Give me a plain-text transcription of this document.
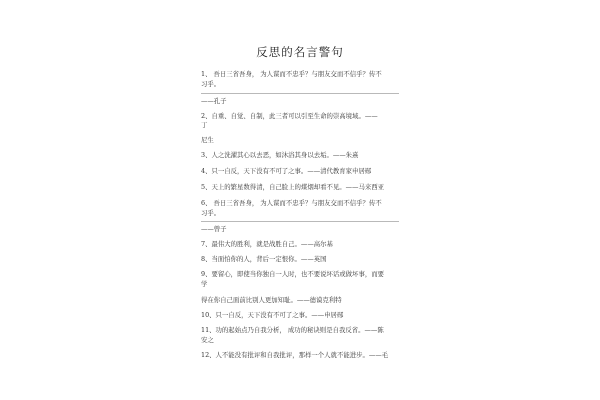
反思的名言警句
1、 吾日三省吾身， 为人谋而不忠乎？与朋友交而不信乎？传不
习乎。
——孔子
2、自重、自觉、自制，此三者可以引至生命的崇高境域。——
丁
尼生
3、人之洗濯其心以去恶，如沐浴其身以去垢。——朱熹
4、只一自反，天下没有不可了之事。——清代教育家申居郧
5、天上的繁星数得清，自己脸上的煤烟却看不见。——马来西亚
6、 吾日三省吾身， 为人谋而不忠乎？与朋友交而不信乎？传不
习乎。
——曾子
7、最伟大的胜利，就是战胜自己。——高尔基
8、当面怕你的人，背后一定恨你。——英国
9、要留心，即使当你独自一人时，也不要说坏话或做坏事，而要
学
得在你自己面前比别人更加知耻。——德谟克利特
10、只一自反，天下没有不可了之事。——申居郧
11、功的起始点乃自我分析， 成功的秘诀则是自我反省。——陈
安之
12、人不能没有批评和自我批评，那样一个人就不能进步。——毛
